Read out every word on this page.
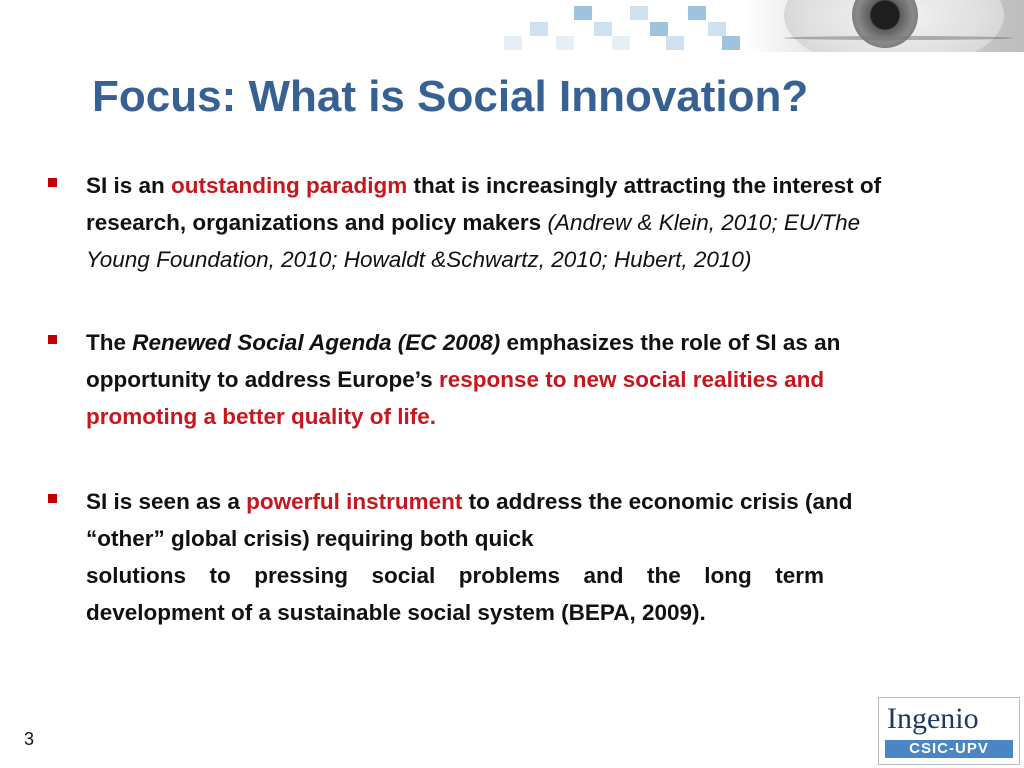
Focus: What is Social Innovation?
SI is an outstanding paradigm that is increasingly attracting the interest of research, organizations and policy makers (Andrew & Klein, 2010; EU/The Young Foundation, 2010; Howaldt &Schwartz, 2010; Hubert, 2010)
The Renewed Social Agenda (EC 2008) emphasizes the role of SI as an opportunity to address Europe’s response to new social realities and promoting a better quality of life.
SI is seen as a powerful instrument to address the economic crisis (and “other” global crisis) requiring both quick
solutions to pressing social problems and the long term
development of a sustainable social system (BEPA, 2009).
3
Ingenio
CSIC-UPV
